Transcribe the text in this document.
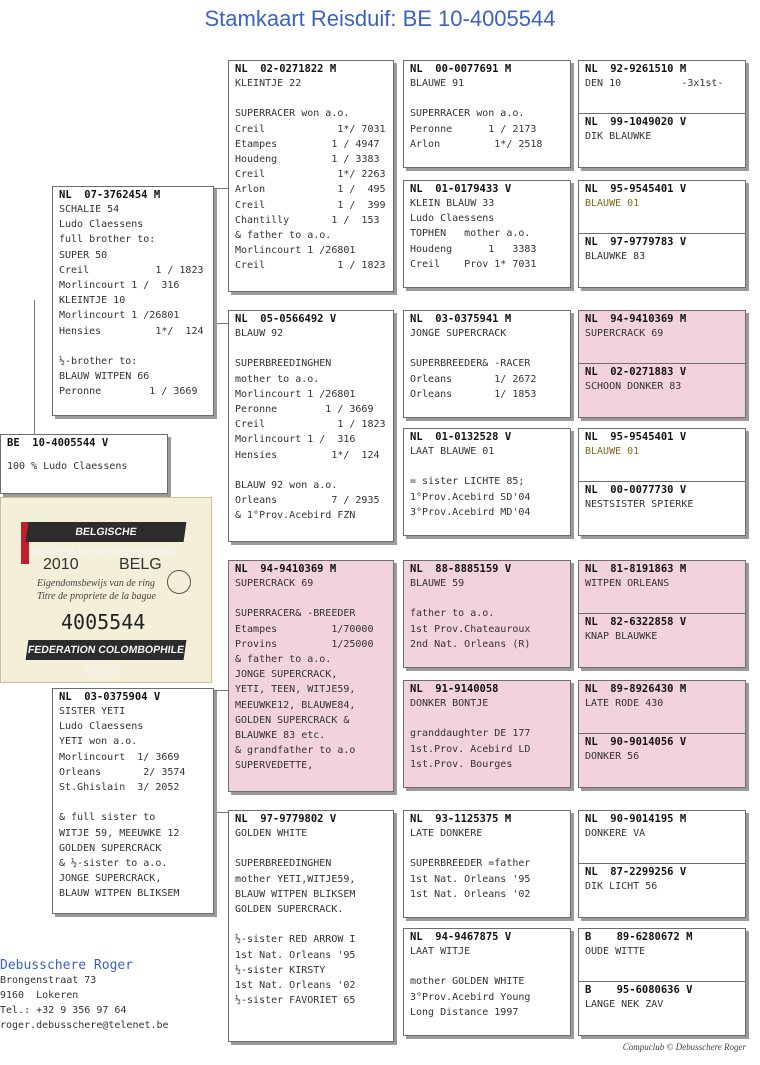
Stamkaart Reisduif: BE 10-4005544
BE  10-4005544 V
100 % Ludo Claessens
BELGISCHE DUIVENLIEFHEBBERSBOND
2010	BELG
Eigendomsbewijs van de ring
Titre de propriete de la bague
4005544
FEDERATION COLOMBOPHILE BELGE
NL  07-3762454 M
SCHALIE 54
Ludo Claessens
full brother to:
SUPER 50
Creil           1 / 1823
Morlincourt 1 /  316
KLEINTJE 10
Morlincourt 1 /26801
Hensies         1*/  124
½-brother to:
BLAUW WITPEN 66
Peronne        1 / 3669
NL  03-0375904 V
SISTER YETI
Ludo Claessens
YETI won a.o.
Morlincourt  1/ 3669
Orleans       2/ 3574
St.Ghislain  3/ 2052
& full sister to
WITJE 59, MEEUWKE 12
GOLDEN SUPERCRACK
& ½-sister to a.o.
JONGE SUPERCRACK,
BLAUW WITPEN BLIKSEM
NL  02-0271822 M
KLEINTJE 22
SUPERRACER won a.o.
Creil            1*/ 7031
Etampes         1 / 4947
Houdeng         1 / 3383
Creil            1*/ 2263
Arlon            1 /  495
Creil            1 /  399
Chantilly       1 /  153
& father to a.o.
Morlincourt 1 /26801
Creil            1 / 1823
NL  05-0566492 V
BLAUW 92
SUPERBREEDINGHEN
mother to a.o.
Morlincourt 1 /26801
Peronne        1 / 3669
Creil            1 / 1823
Morlincourt 1 /  316
Hensies         1*/  124
BLAUW 92 won a.o.
Orleans         7 / 2935
& 1°Prov.Acebird FZN
NL  94-9410369 M
SUPERCRACK 69
SUPERRACER& -BREEDER
Etampes         1/70000
Provins         1/25000
& father to a.o.
JONGE SUPERCRACK,
YETI, TEEN, WITJE59,
MEEUWKE12, BLAUWE84,
GOLDEN SUPERCRACK &
BLAUWKE 83 etc.
& grandfather to a.o
SUPERVEDETTE,
NL  97-9779802 V
GOLDEN WHITE
SUPERBREEDINGHEN
mother YETI,WITJE59,
BLAUW WITPEN BLIKSEM
GOLDEN SUPERCRACK.
½-sister RED ARROW I
1st Nat. Orleans '95
½-sister KIRSTY
1st Nat. Orleans '02
½-sister FAVORIET 65
NL  00-0077691 M
BLAUWE 91
SUPERRACER won a.o.
Peronne      1 / 2173
Arlon         1*/ 2518
NL  01-0179433 V
KLEIN BLAUW 33
Ludo Claessens
TOPHEN   mother a.o.
Houdeng      1   3383
Creil    Prov 1* 7031
NL  03-0375941 M
JONGE SUPERCRACK
SUPERBREEDER& -RACER
Orleans       1/ 2672
Orleans       1/ 1853
NL  01-0132528 V
LAAT BLAUWE 01
= sister LICHTE 85;
1°Prov.Acebird SD'04
3°Prov.Acebird MD'04
NL  88-8885159 V
BLAUWE 59
father to a.o.
1st Prov.Chateauroux
2nd Nat. Orleans (R)
NL  91-9140058
DONKER BONTJE
granddaughter DE 177
1st.Prov. Acebird LD
1st.Prov. Bourges
NL  93-1125375 M
LATE DONKERE
SUPERBREEDER =father
1st Nat. Orleans '95
1st Nat. Orleans '02
NL  94-9467875 V
LAAT WITJE
mother GOLDEN WHITE
3°Prov.Acebird Young
Long Distance 1997
NL  92-9261510 M
DEN 10          -3x1st-
NL  99-1049020 V
DIK BLAUWKE
NL  95-9545401 V
BLAUWE 01
NL  97-9779783 V
BLAUWKE 83
NL  94-9410369 M
SUPERCRACK 69
NL  02-0271883 V
SCHOON DONKER 83
NL  95-9545401 V
BLAUWE 01
NL  00-0077730 V
NESTSISTER SPIERKE
NL  81-8191863 M
WITPEN ORLEANS
NL  82-6322858 V
KNAP BLAUWKE
NL  89-8926430 M
LATE RODE 430
NL  90-9014056 V
DONKER 56
NL  90-9014195 M
DONKERE VA
NL  87-2299256 V
DIK LICHT 56
B    89-6280672 M
OUDE WITTE
B    95-6080636 V
LANGE NEK ZAV
Debusschere Roger
Brongenstraat 73
9160  Lokeren
Tel.: +32 9 356 97 64
roger.debusschere@telenet.be
Compuclub © Debusschere Roger
